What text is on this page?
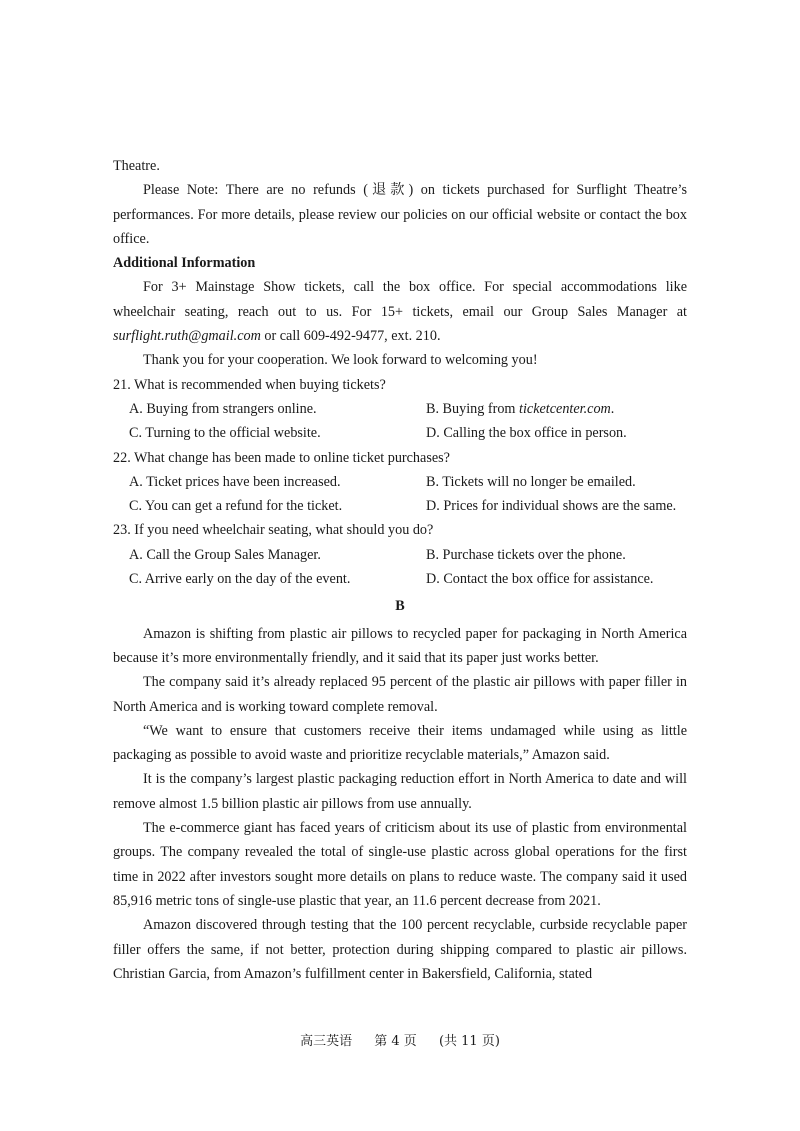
Theatre.

Please Note: There are no refunds (退款) on tickets purchased for Surflight Theatre’s performances. For more details, please review our policies on our official website or contact the box office.

Additional Information

For 3+ Mainstage Show tickets, call the box office. For special accommodations like wheelchair seating, reach out to us. For 15+ tickets, email our Group Sales Manager at surflight.ruth@gmail.com or call 609-492-9477, ext. 210.

Thank you for your cooperation. We look forward to welcoming you!

21. What is recommended when buying tickets?

A. Buying from strangers online.	B. Buying from ticketcenter.com.
C. Turning to the official website.	D. Calling the box office in person.

22. What change has been made to online ticket purchases?

A. Ticket prices have been increased.	B. Tickets will no longer be emailed.
C. You can get a refund for the ticket.	D. Prices for individual shows are the same.

23. If you need wheelchair seating, what should you do?

A. Call the Group Sales Manager.	B. Purchase tickets over the phone.
C. Arrive early on the day of the event.	D. Contact the box office for assistance.

B

Amazon is shifting from plastic air pillows to recycled paper for packaging in North America because it’s more environmentally friendly, and it said that its paper just works better.

The company said it’s already replaced 95 percent of the plastic air pillows with paper filler in North America and is working toward complete removal.

“We want to ensure that customers receive their items undamaged while using as little packaging as possible to avoid waste and prioritize recyclable materials,” Amazon said.

It is the company’s largest plastic packaging reduction effort in North America to date and will remove almost 1.5 billion plastic air pillows from use annually.

The e-commerce giant has faced years of criticism about its use of plastic from environmental groups. The company revealed the total of single-use plastic across global operations for the first time in 2022 after investors sought more details on plans to reduce waste. The company said it used 85,916 metric tons of single-use plastic that year, an 11.6 percent decrease from 2021.

Amazon discovered through testing that the 100 percent recyclable, curbside recyclable paper filler offers the same, if not better, protection during shipping compared to plastic air pillows. Christian Garcia, from Amazon’s fulfillment center in Bakersfield, California, stated

高三英语 第 4 页 (共 11 页)
